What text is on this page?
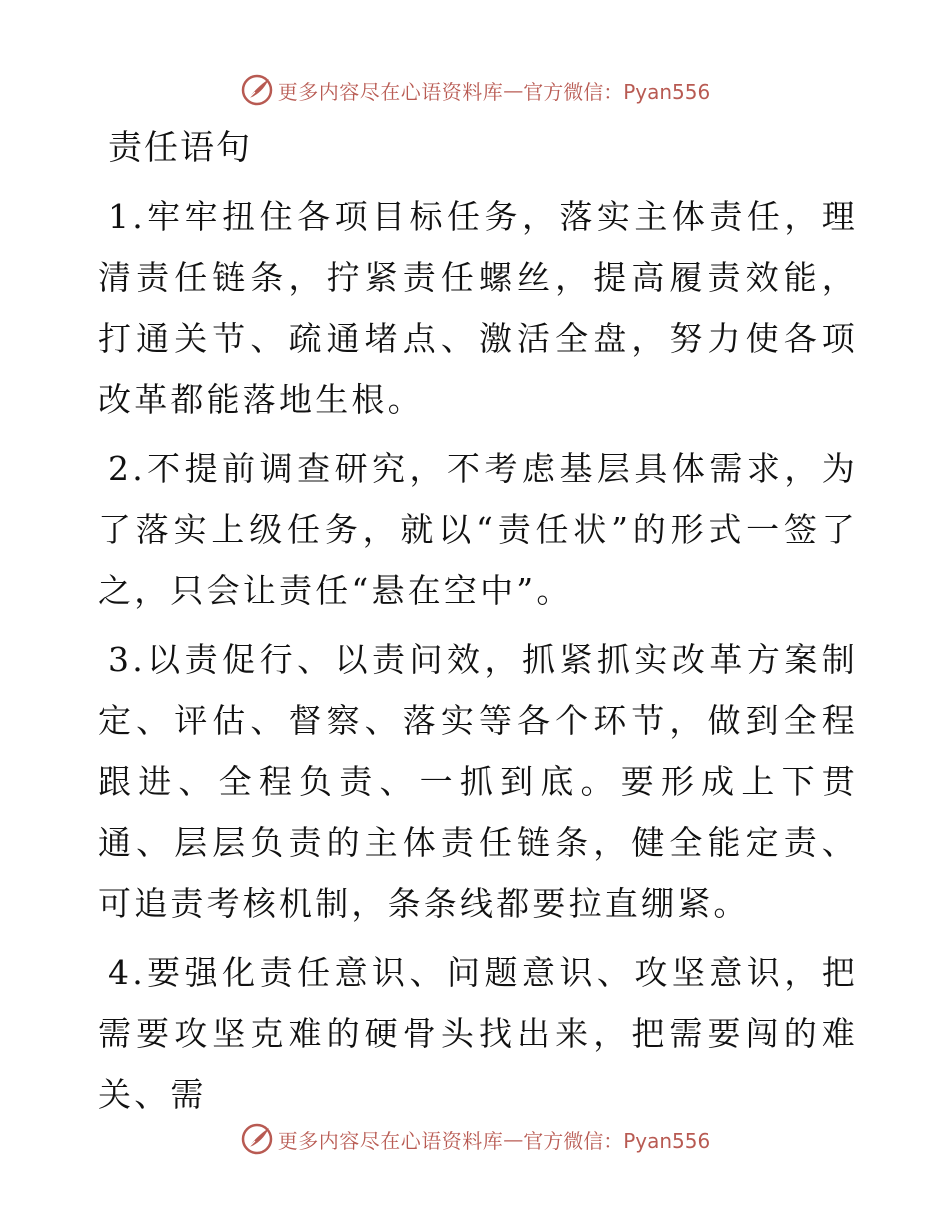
更多内容尽在心语资料库 — 官方微信：Pyan556
责任语句

1.牢牢扭住各项目标任务，落实主体责任，理清责任链条，拧紧责任螺丝，提高履责效能，打通关节、疏通堵点、激活全盘，努力使各项改革都能落地生根。

2.不提前调查研究，不考虑基层具体需求，为了落实上级任务，就以“责任状”的形式一签了之，只会让责任“悬在空中”。

3.以责促行、以责问效，抓紧抓实改革方案制定、评估、督察、落实等各个环节，做到全程跟进、全程负责、一抓到底。要形成上下贯通、层层负责的主体责任链条，健全能定责、可追责考核机制，条条线都要拉直绷紧。

4.要强化责任意识、问题意识、攻坚意识，把需要攻坚克难的硬骨头找出来，把需要闯的难关、需

更多内容尽在心语资料库 — 官方微信：Pyan556
